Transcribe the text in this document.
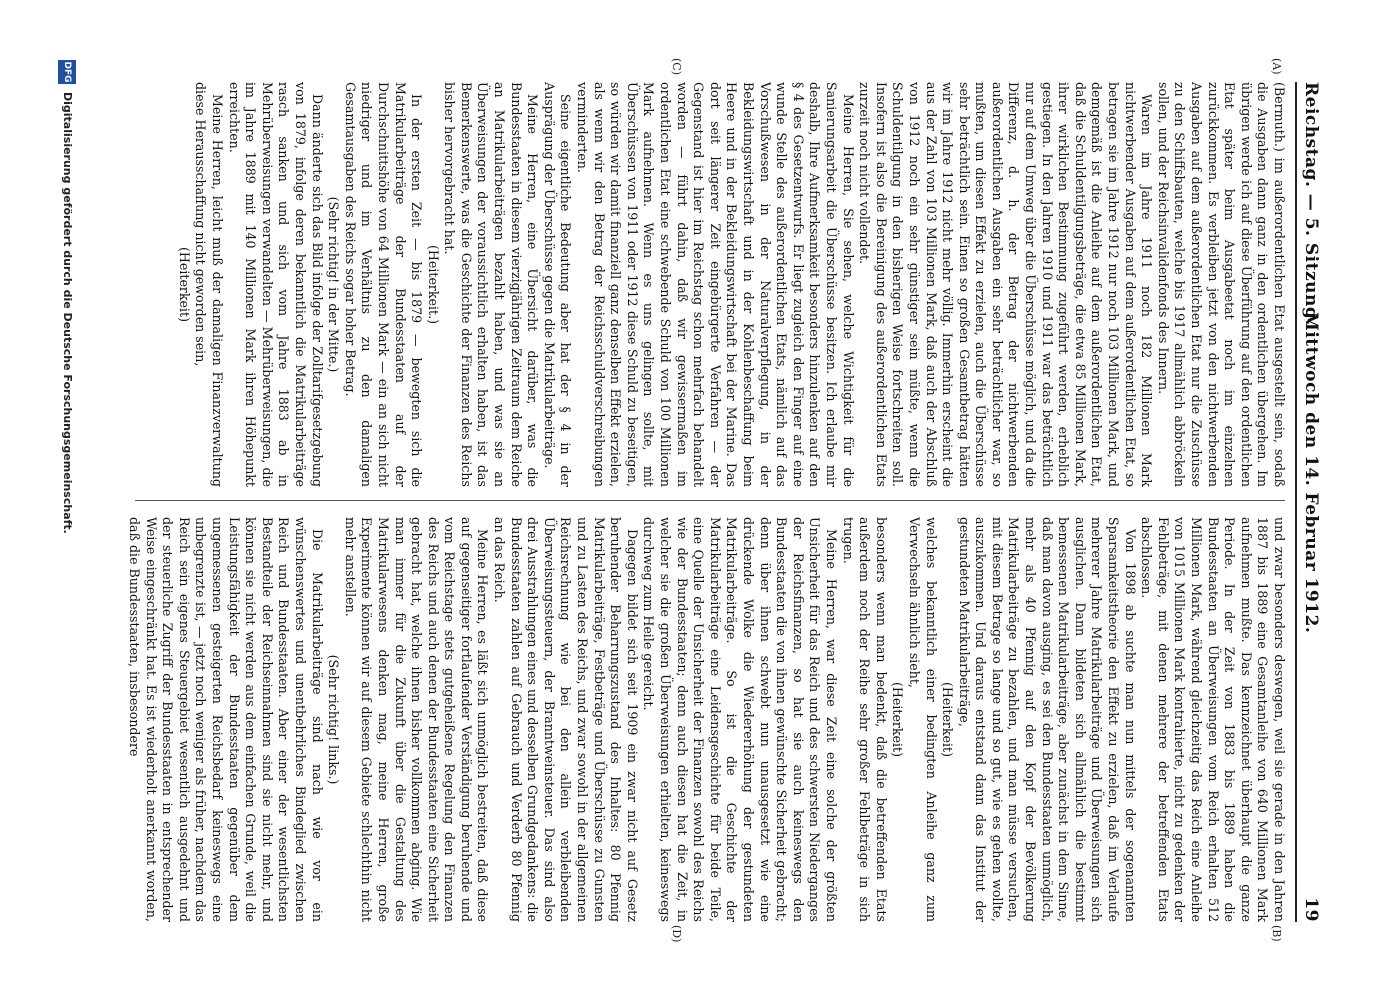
Reichstag. — 5. Sitzung.
Mittwoch den 14. Februar 1912.
19
(A)
(C)
(B)
(D)

(Bermuth.) im außerordentlichen Etat ausgestellt sein, sodaß die Ausgaben dann ganz in den ordentlichen übergehen. Im übrigen werde ich auf diese Überführung auf den ordentlichen Etat später beim Ausgabeetat noch im einzelnen zurückkommen. Es verbleiben jetzt von den nichtwerbenden Ausgaben auf dem außerordentlichen Etat nur die Zuschüsse zu den Schiffsbauten, welche bis 1917 allmählich abbröckeln sollen, und der Reichsinvalidenfonds des Innern.

Waren im Jahre 1911 noch 182 Millionen Mark nichtwerbender Ausgaben auf dem außerordentlichen Etat, so betragen sie im Jahre 1912 nur noch 103 Millionen Mark, und demgemäß ist die Anleihe auf dem außerordentlichen Etat, daß die Schuldentilgungsbeträge, die etwa 85 Millionen Mark, ihrer wirklichen Bestimmung zugeführt werden, erheblich gestiegen. In den Jahren 1910 und 1911 war das beträchtlich nur auf dem Umweg über die Überschüsse möglich, und da die Differenz, d. h. der Betrag der nichtwerbenden außerordentlichen Ausgaben ein sehr beträchtlicher war, so mußten, um diesen Effekt zu erzielen, auch die Überschüsse sehr beträchtlich sein. Einen so großen Gesamtbetrag hätten wir im Jahre 1912 nicht mehr völlig. Immerhin erscheint die aus der Zahl von 103 Millionen Mark, daß auch der Abschluß von 1912 noch ein sehr günstiger sein müßte, wenn die Schuldentilgung in den bisherigen Weise fortschreiten soll. Insofern ist also die Bereinigung des außerordentlichen Etats zurzeit noch nicht vollendet.

Meine Herren, Sie sehen, welche Wichtigkeit für die Sanierungsarbeit die Überschüsse besitzen. Ich erlaube mir deshalb, Ihre Aufmerksamkeit besonders hinzulenken auf den § 4 des Gesetzentwurfs. Er liegt zugleich den Finger auf eine wunde Stelle des außerordentlichen Etats, nämlich auf das Vorschußwesen in der Naturalverpflegung, in der Bekleidungswirtschaft und in der Kohlenbeschaffung beim Heere und in der Bekleidungswirtschaft bei der Marine. Das dort seit längerer Zeit eingebürgerte Verfahren — der Gegenstand ist hier im Reichstag schon mehrfach behandelt worden — führt dahin, daß wir gewissermaßen im ordentlichen Etat eine schwebende Schuld von 100 Millionen Mark aufnehmen. Wenn es uns gelingen sollte, mit Überschüssen von 1911 oder 1912 diese Schuld zu beseitigen, so würden wir damit finanziell ganz denselben Effekt erzielen, als wenn wir den Betrag der Reichsschuldverschreibungen verminderten.

Seine eigentliche Bedeutung aber hat der § 4 in der Ausprägung der Überschüsse gegen die Matrikularbeiträge.

Meine Herren, eine Übersicht darüber, was die Bundesstaaten in diesem vierzigjährigen Zeitraum dem Reiche an Matrikularbeiträgen bezahlt haben, und was sie an Überweisungen der voraussichtlich erhalten haben, ist das Bemerkenswerte, was die Geschichte der Finanzen des Reichs bisher hervorgebracht hat.

(Heiterkeit.)

In der ersten Zeit — bis 1879 — bewegten sich die Matrikularbeiträge der Bundesstaaten auf der Durchschnittshöhe von 64 Millionen Mark — ein an sich nicht niedriger und im Verhältnis zu den damaligen Gesamtausgaben des Reichs sogar hoher Betrag.

(Sehr richtig! in der Mitte.)

Dann änderte sich das Bild infolge der Zolltarifgesetzgebung von 1879, infolge deren bekanntlich die Matrikularbeiträge rasch sanken und sich vom Jahre 1883 ab in Mehrüberweisungen verwandelten — Mehrüberweisungen, die im Jahre 1889 mit 140 Millionen Mark ihren Höhepunkt erreichten.

Meine Herren, leicht muß der damaligen Finanzverwaltung diese Herausschaffung nicht geworden sein,

(Heiterkeit)

und zwar besonders deswegen, weil sie gerade in den Jahren 1887 bis 1889 eine Gesamtanleihe von 640 Millionen Mark aufnehmen mußte. Das kennzeichnet überhaupt die ganze Periode. In der Zeit von 1883 bis 1889 haben die Bundesstaaten an Überweisungen vom Reich erhalten 512 Millionen Mark, während gleichzeitig das Reich eine Anleihe von 1015 Millionen Mark kontrahierte, nicht zu gedenken der Fehlbeträge, mit denen mehrere der betreffenden Etats abschlossen.

Von 1898 ab suchte man nun mittels der sogenannten Sparsamkeitstheorie den Effekt zu erzielen, daß im Verlaufe mehrerer Jahre Matrikularbeiträge und Überweisungen sich ausglichen. Dann bildeten sich allmählich die bestimmt bemessenen Matrikularbeiträge, aber zunächst in dem Sinne, daß man davon ausging, es sei den Bundesstaaten unmöglich, mehr als 40 Pfennig auf den Kopf der Bevölkerung Matrikularbeiträge zu bezahlen, und man müsse versuchen, mit diesem Betrage so lange und so gut, wie es gehen wollte, auszukommen. Und daraus entstand dann das Institut der gestundeten Matrikularbeiträge,

(Heiterkeit)

welches bekanntlich einer bedingten Anleihe ganz zum Verwechseln ähnlich sieht,

(Heiterkeit)

besonders wenn man bedenkt, daß die betreffenden Etats außerdem noch der Reihe sehr großer Fehlbeträge in sich trugen.

Meine Herren, war diese Zeit eine solche der größten Unsicherheit für das Reich und des schwersten Niederganges der Reichsfinanzen, so hat sie auch keineswegs den Bundesstaaten die von ihnen gewünschte Sicherheit gebracht; denn über ihnen schwebt nun unausgesetzt wie eine drückende Wolke die Wiedererhöhung der gestundeten Matrikularbeiträge. So ist die Geschichte der Matrikularbeiträge eine Leidensgeschichte für beide Teile, eine Quelle der Unsicherheit der Finanzen sowohl des Reichs wie der Bundesstaaten; denn auch diesen hat die Zeit, in welcher sie die großen Überweisungen erhielten, keineswegs durchweg zum Heile gereicht.

Dagegen bildet sich seit 1909 ein zwar nicht auf Gesetz beruhender Beharrungszustand des Inhaltes: 80 Pfennig Matrikularbeiträge, Festbeträge und Überschüsse zu Gunsten und zu Lasten des Reichs, und zwar sowohl in der allgemeinen Reichsrechnung wie bei den allein verbleibenden Überweisungssteuern, der Branntweinsteuer. Das sind also drei Ausstrahlungen eines und desselben Grundgedankens: die Bundesstaaten zahlen auf Gebrauch und Verderb 80 Pfennig an das Reich.

Meine Herren, es läßt sich unmöglich bestreiten, daß diese auf gegenseitiger fortlaufender Verständigung beruhende und vom Reichstage stets gutgeheißene Regelung den Finanzen des Reichs und auch denen der Bundesstaaten eine Sicherheit gebracht hat, welche ihnen bisher vollkommen abging. Wie man immer für die Zukunft über die Gestaltung des Matrikularwesens denken mag, meine Herren, große Experimente können wir auf diesem Gebiete schlechthin nicht mehr anstellen.

(Sehr richtig! links.)

Die Matrikularbeiträge sind nach wie vor ein wünschenswertes und unentbehrliches Bindeglied zwischen Reich und Bundesstaaten. Aber einer der wesentlichsten Bestandteile der Reichseinnahmen sind sie nicht mehr, und können sie nicht werden aus dem einfachen Grunde, weil die Leistungsfähigkeit der Bundesstaaten gegenüber dem ungemessenen gesteigerten Reichsbedarf keineswegs eine unbegrenzte ist, — jetzt noch weniger als früher, nachdem das Reich sein eigenes Steuergebiet wesentlich ausgedehnt und der steuerliche Zugriff der Bundesstaaten in entsprechender Weise eingeschränkt hat. Es ist wiederholt anerkannt worden, daß die Bundesstaaten, insbesondere

DFG
Digitalisierung gefördert durch die Deutsche Forschungsgemeinschaft.
